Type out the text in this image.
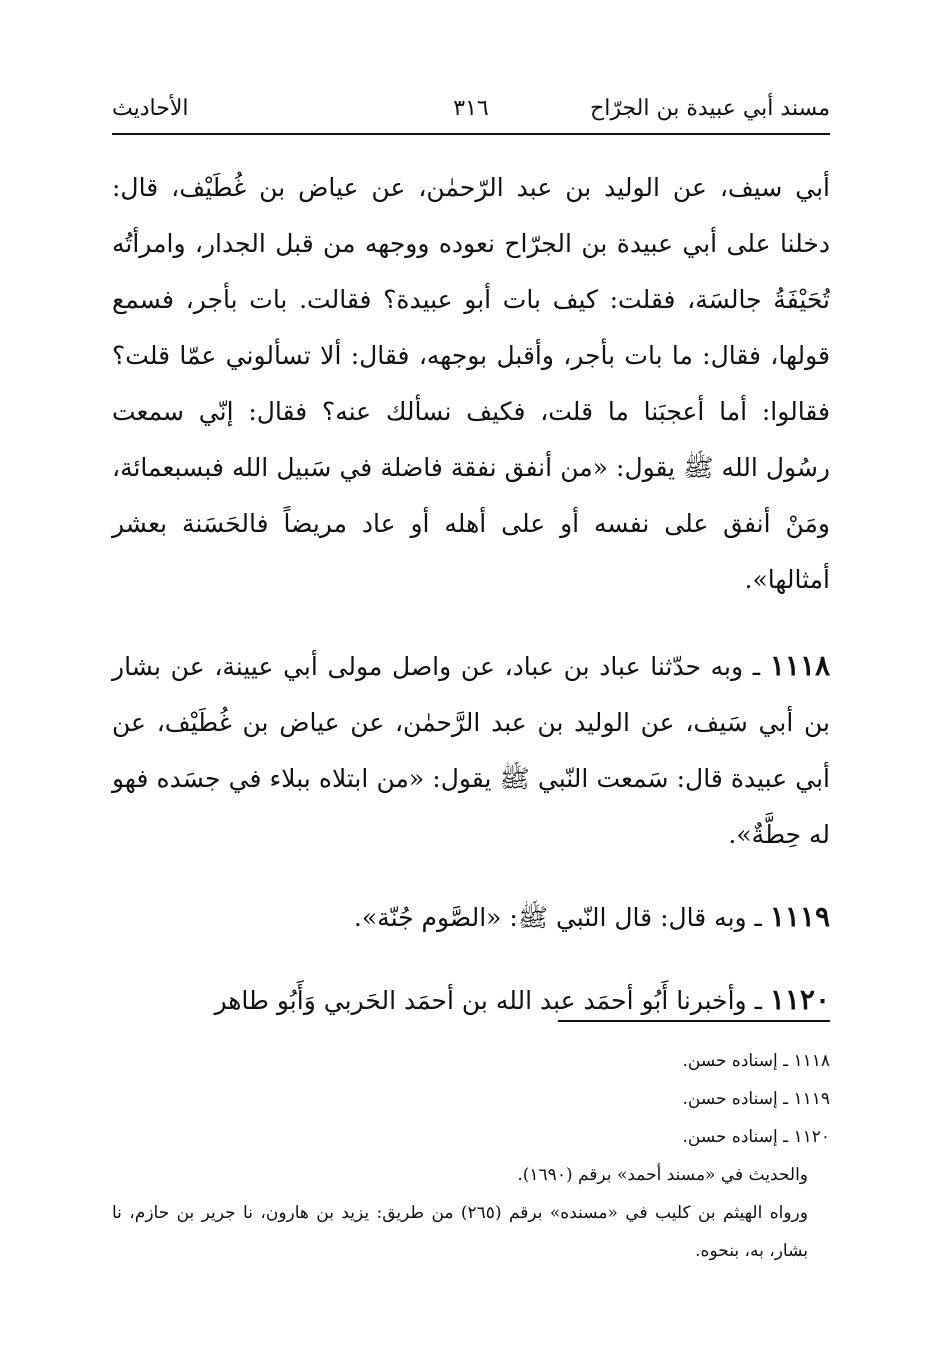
مسند أبي عبيدة بن الجرّاح
٣١٦
الأحاديث

أبي سيف، عن الوليد بن عبد الرّحمٰن، عن عياض بن غُطَيْف، قال: دخلنا على أبي عبيدة بن الجرّاح نعوده ووجهه من قبل الجدار، وامرأتُه تُحَيْفَةُ جالسَة، فقلت: كيف بات أبو عبيدة؟ فقالت. بات بأجر، فسمع قولها، فقال: ما بات بأجر، وأقبل بوجهه، فقال: ألا تسألوني عمّا قلت؟ فقالوا: أما أعجبَنا ما قلت، فكيف نسألك عنه؟ فقال: إنّي سمعت رسُول الله ﷺ يقول: «من أنفق نفقة فاضلة في سَبيل الله فبسبعمائة، ومَنْ أنفق على نفسه أو على أهله أو عاد مريضاً فالحَسَنة بعشر أمثالها».

١١١٨ ـ وبه حدّثنا عباد بن عباد، عن واصل مولى أبي عيينة، عن بشار بن أبي سَيف، عن الوليد بن عبد الرَّحمٰن، عن عياض بن غُطَيْف، عن أبي عبيدة قال: سَمعت النّبي ﷺ يقول: «من ابتلاه ببلاء في جسَده فهو له حِطَّةٌ».

١١١٩ ـ وبه قال: قال النّبي ﷺ: «الصَّوم جُنّة».

١١٢٠ ـ وأخبرنا أَبُو أحمَد عبد الله بن أحمَد الحَربي وَأَبُو طاهر

١١١٨ ـ إسناده حسن.

١١١٩ ـ إسناده حسن.

١١٢٠ ـ إسناده حسن.

والحديث في «مسند أحمد» برقم (١٦٩٠).

ورواه الهيثم بن كليب في «مسنده» برقم (٢٦٥) من طريق: يزيد بن هارون، نا جرير بن حازم، نا بشار، به، بنحوه.
